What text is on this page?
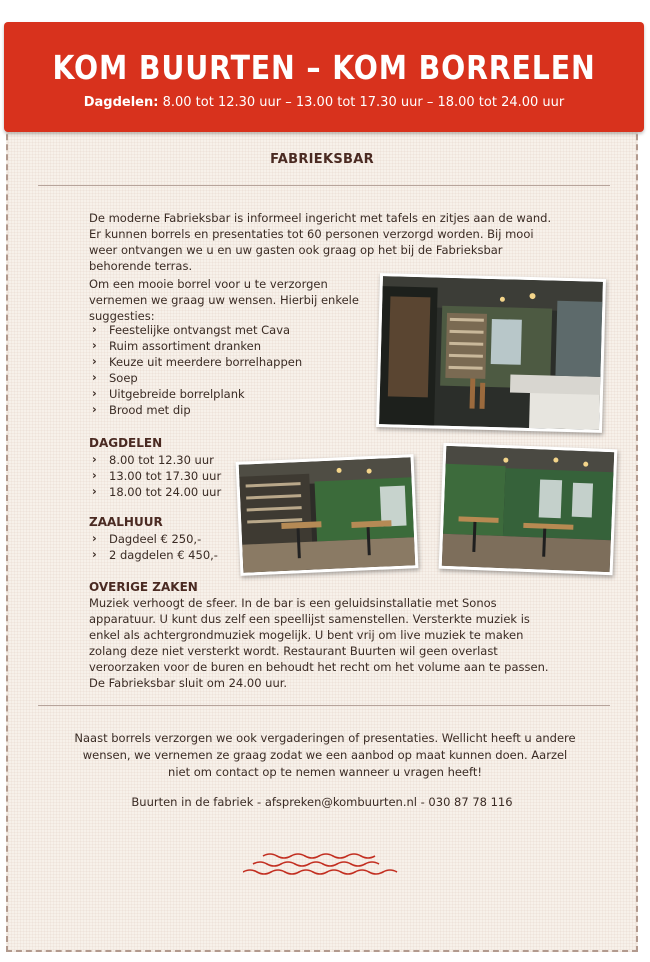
KOM BUURTEN – KOM BORRELEN
Dagdelen: 8.00 tot 12.30 uur – 13.00 tot 17.30 uur – 18.00 tot 24.00 uur
FABRIEKSBAR
De moderne Fabrieksbar is informeel ingericht met tafels en zitjes aan de wand.
Er kunnen borrels en presentaties tot 60 personen verzorgd worden. Bij mooi weer ontvangen we u en uw gasten ook graag op het bij de Fabrieksbar behorende terras.
Om een mooie borrel voor u te verzorgen vernemen we graag uw wensen. Hierbij enkele suggesties:
› Feestelijke ontvangst met Cava
› Ruim assortiment dranken
› Keuze uit meerdere borrelhappen
› Soep
› Uitgebreide borrelplank
› Brood met dip
DAGDELEN
› 8.00 tot 12.30 uur
› 13.00 tot 17.30 uur
› 18.00 tot 24.00 uur
ZAALHUUR
› Dagdeel € 250,-
› 2 dagdelen € 450,-
OVERIGE ZAKEN
Muziek verhoogt de sfeer. In de bar is een geluidsinstallatie met Sonos apparatuur. U kunt dus zelf een speellijst samenstellen. Versterkte muziek is enkel als achtergrondmuziek mogelijk. U bent vrij om live muziek te maken zolang deze niet versterkt wordt. Restaurant Buurten wil geen overlast veroorzaken voor de buren en behoudt het recht om het volume aan te passen. De Fabrieksbar sluit om 24.00 uur.
Naast borrels verzorgen we ook vergaderingen of presentaties. Wellicht heeft u andere wensen, we vernemen ze graag zodat we een aanbod op maat kunnen doen. Aarzel niet om contact op te nemen wanneer u vragen heeft!
Buurten in de fabriek - afspreken@kombuurten.nl - 030 87 78 116
